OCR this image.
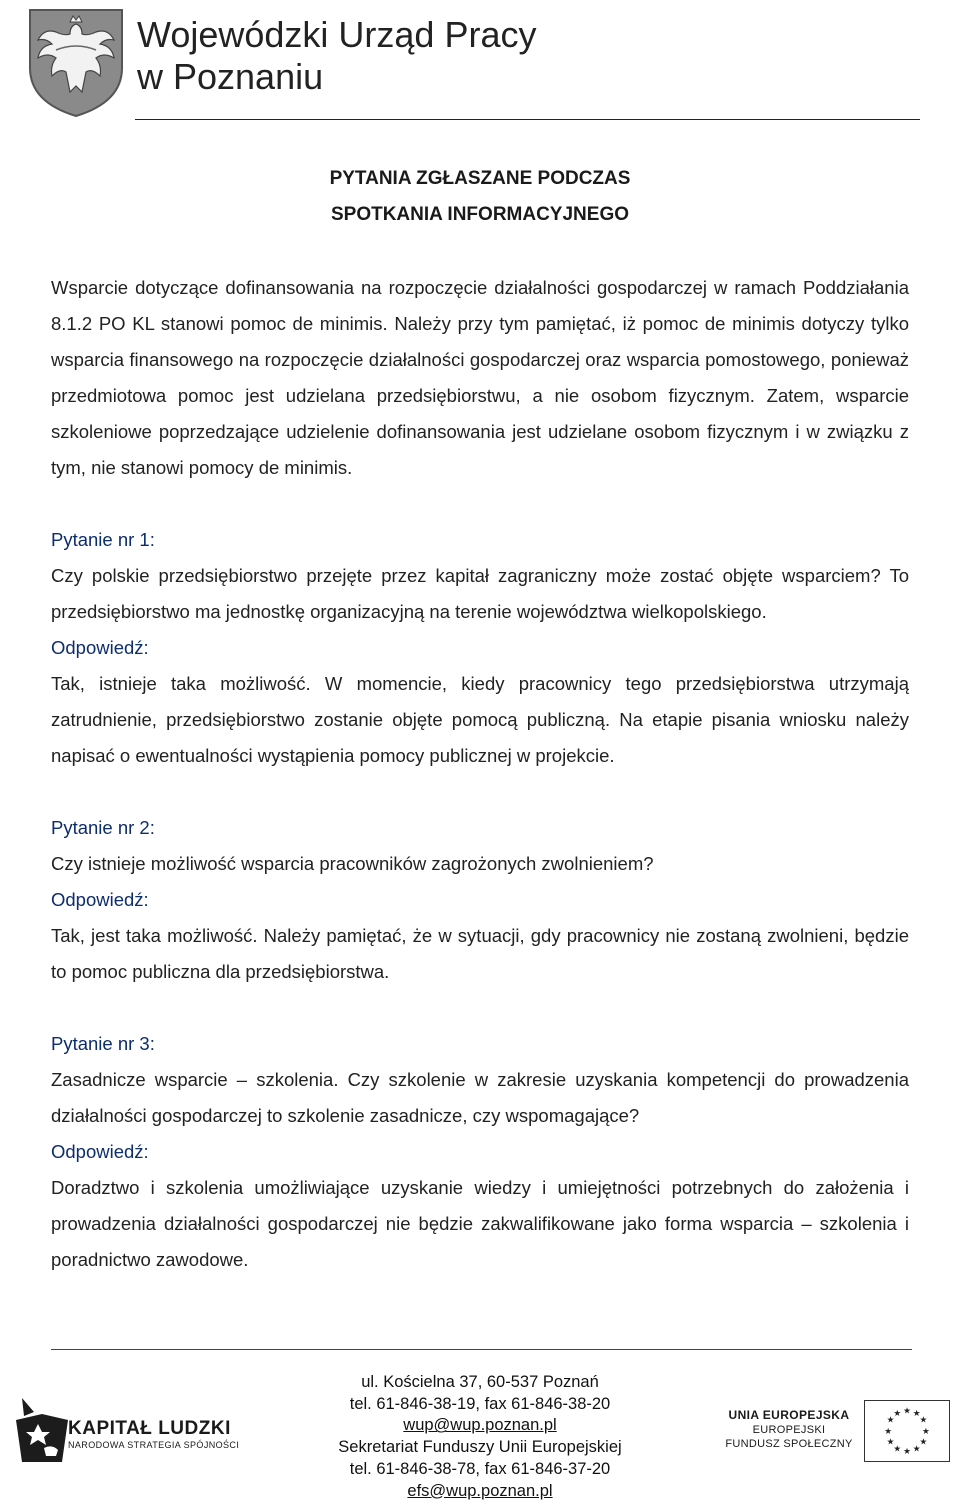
Wojewódzki Urząd Pracy
w Poznaniu
PYTANIA ZGŁASZANE PODCZAS
SPOTKANIA INFORMACYJNEGO

Wsparcie dotyczące dofinansowania na rozpoczęcie działalności gospodarczej w ramach Poddziałania 8.1.2 PO KL stanowi pomoc de minimis. Należy przy tym pamiętać, iż pomoc de minimis dotyczy tylko wsparcia finansowego na rozpoczęcie działalności gospodarczej oraz wsparcia pomostowego, ponieważ przedmiotowa pomoc jest udzielana przedsiębiorstwu, a nie osobom fizycznym. Zatem, wsparcie szkoleniowe poprzedzające udzielenie dofinansowania jest udzielane osobom fizycznym i w związku z tym, nie stanowi pomocy de minimis.

Pytanie nr 1:

Czy polskie przedsiębiorstwo przejęte przez kapitał zagraniczny może zostać objęte wsparciem? To przedsiębiorstwo ma jednostkę organizacyjną na terenie województwa wielkopolskiego.

Odpowiedź:

Tak, istnieje taka możliwość. W momencie, kiedy pracownicy tego przedsiębiorstwa utrzymają zatrudnienie, przedsiębiorstwo zostanie objęte pomocą publiczną. Na etapie pisania wniosku należy napisać o ewentualności wystąpienia pomocy publicznej w projekcie.

Pytanie nr 2:

Czy istnieje możliwość wsparcia pracowników zagrożonych zwolnieniem?

Odpowiedź:

Tak, jest taka możliwość. Należy pamiętać, że w sytuacji, gdy pracownicy nie zostaną zwolnieni, będzie to pomoc publiczna dla przedsiębiorstwa.

Pytanie nr 3:

Zasadnicze wsparcie – szkolenia. Czy szkolenie w zakresie uzyskania kompetencji do prowadzenia działalności gospodarczej to szkolenie zasadnicze, czy wspomagające?

Odpowiedź:

Doradztwo i szkolenia umożliwiające uzyskanie wiedzy i umiejętności potrzebnych do założenia i prowadzenia działalności gospodarczej nie będzie zakwalifikowane jako forma wsparcia – szkolenia i poradnictwo zawodowe.

KAPITAŁ LUDZKI
NARODOWA STRATEGIA SPÓJNOŚCI
ul. Kościelna 37, 60-537 Poznań
tel. 61-846-38-19, fax 61-846-38-20
wup@wup.poznan.pl
Sekretariat Funduszy Unii Europejskiej
tel. 61-846-38-78, fax 61-846-37-20
efs@wup.poznan.pl
UNIA EUROPEJSKA
EUROPEJSKI
FUNDUSZ SPOŁECZNY
★ ★
★
★
★
★
★
★
★
★
★
★
